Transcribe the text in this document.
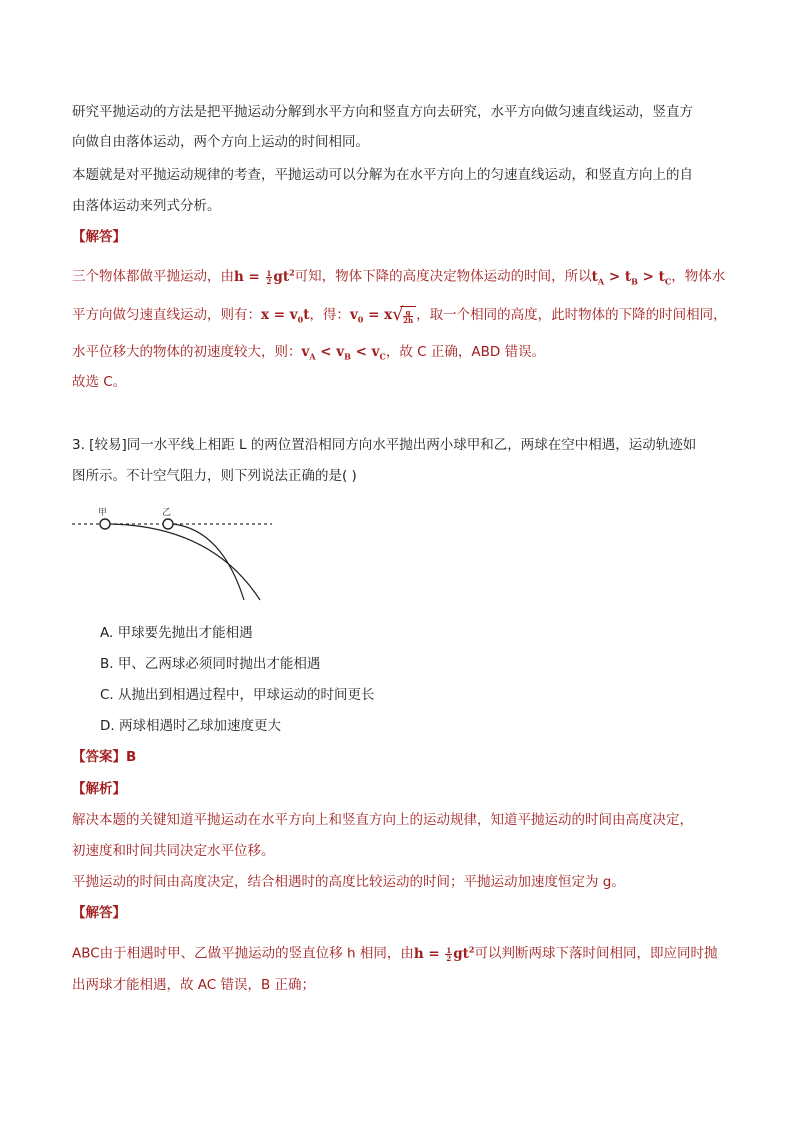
研究平抛运动的方法是把平抛运动分解到水平方向和竖直方向去研究，水平方向做匀速直线运动，竖直方
向做自由落体运动，两个方向上运动的时间相同。
本题就是对平抛运动规律的考查，平抛运动可以分解为在水平方向上的匀速直线运动，和竖直方向上的自
由落体运动来列式分析。
【解答】
三个物体都做平抛运动，由$h = \frac{1}{2} gt^2$可知，物体下降的高度决定物体运动的时间，所以$t_A > t_B > t_C$，物体水
平方向做匀速直线运动，则有：$x = v_0t$，得：$v_0 = x$ √ $\frac{g}{2h}$ ，取一个相同的高度，此时物体的下降的时间相同，
水平位移大的物体的初速度较大，则：$v_A < v_B < v_C$，故 C 正确，ABD 错误。
故选 C。
3. [较易]同一水平线上相距 L 的两位置沿相同方向水平抛出两小球甲和乙，两球在空中相遇，运动轨迹如
图所示。不计空气阻力，则下列说法正确的是( )
甲	乙
A. 甲球要先抛出才能相遇
B. 甲、乙两球必须同时抛出才能相遇
C. 从抛出到相遇过程中，甲球运动的时间更长
D. 两球相遇时乙球加速度更大
【答案】B
【解析】
解决本题的关键知道平抛运动在水平方向上和竖直方向上的运动规律，知道平抛运动的时间由高度决定，
初速度和时间共同决定水平位移。
平抛运动的时间由高度决定，结合相遇时的高度比较运动的时间；平抛运动加速度恒定为 g。
【解答】
ABC由于相遇时甲、乙做平抛运动的竖直位移 h 相同，由$h = \frac{1}{2} gt^2$可以判断两球下落时间相同，即应同时抛
出两球才能相遇，故 AC 错误，B 正确；
